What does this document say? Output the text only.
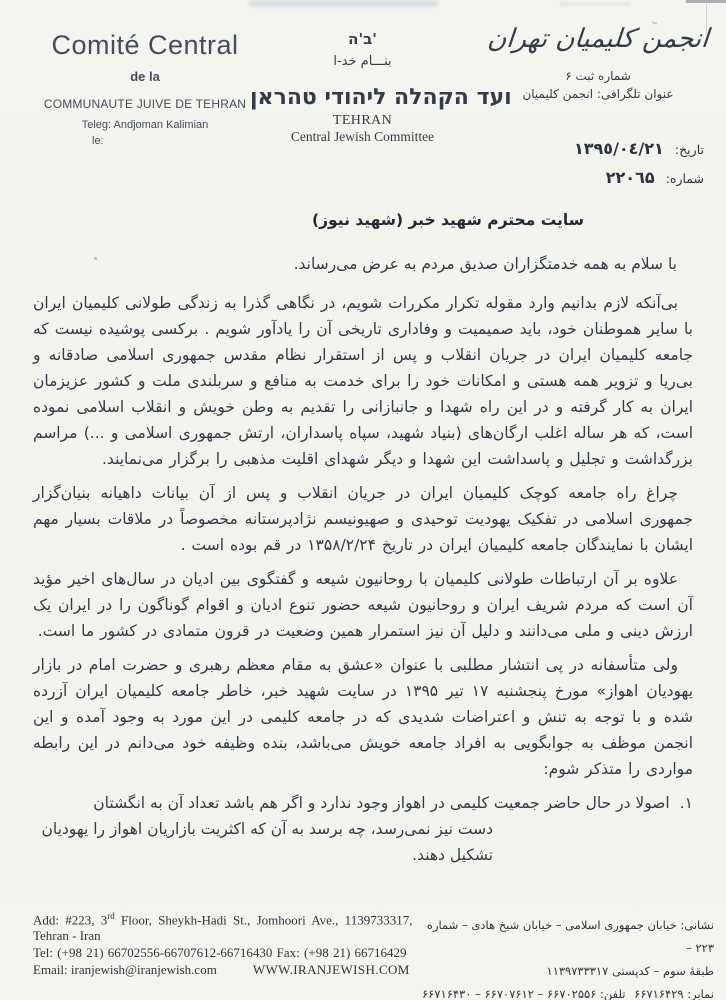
Comité Central
de la
COMMUNAUTE JUIVE DE TEHRAN
Teleg: Andjoman Kalimian
le:
ב'ה'
بنـــام خد-ا
ועד הקהלה ליהודי טהראן
TEHRAN
Central Jewish Committee
انجمن کلیمیان تهران
شماره ثبت ۶
عنوان تلگرافی: انجمن کلیمیان
تاریخ: ١٣٩٥/٠٤/٢١
شماره: ۲۲۰٦۵
سایت محترم شهید خبر (شهید نیوز)
با سلام به همه خدمتگزاران صدیق مردم به عرض می‌رساند.

بی‌آنکه لازم بدانیم وارد مقوله تکرار مکررات شویم، در نگاهی گذرا به زندگی طولانی کلیمیان ایران با سایر هموطنان خود، باید صمیمیت و وفاداری تاریخی آن را یادآور شویم . برکسی پوشیده نیست که جامعه کلیمیان ایران در جریان انقلاب و پس از استقرار نظام مقدس جمهوری اسلامی صادقانه و بی‌ریا و تزویر همه هستی و امکانات خود را برای خدمت به منافع و سربلندی ملت و کشور عزیزمان ایران به کار گرفته و در این راه شهدا و جانبازانی را تقدیم به وطن خویش و انقلاب اسلامی نموده است، که هر ساله اغلب ارگان‌های (بنیاد شهید، سپاه پاسداران، ارتش جمهوری اسلامی و ...) مراسم بزرگداشت و تجلیل و پاسداشت این شهدا و دیگر شهدای اقلیت مذهبی را برگزار می‌نمایند.

چراغ راه جامعه کوچک کلیمیان ایران در جریان انقلاب و پس از آن بیانات داهیانه بنیان‌گزار جمهوری اسلامی در تفکیک یهودیت توحیدی و صهیونیسم نژادپرستانه مخصوصاً در ملاقات بسیار مهم ایشان با نمایندگان جامعه کلیمیان ایران در تاریخ ۱۳۵۸/۲/۲۴ در قم بوده است .

علاوه بر آن ارتباطات طولانی کلیمیان با روحانیون شیعه و گفتگوی بین ادیان در سال‌های اخیر مؤید آن است که مردم شریف ایران و روحانیون شیعه حضور تنوع ادیان و اقوام گوناگون را در ایران یک ارزش دینی و ملی می‌دانند و دلیل آن نیز استمرار همین وضعیت در قرون متمادی در کشور ما است.

ولی متأسفانه در پی انتشار مطلبی با عنوان «عشق به مقام معظم رهبری و حضرت امام در بازار یهودیان اهواز» مورخ پنجشنبه ۱۷ تیر ۱۳۹۵ در سایت شهید خبر، خاطر جامعه کلیمیان ایران آزرده شده و با توجه به تنش و اعتراضات شدیدی که در جامعه کلیمی در این مورد به وجود آمده و این انجمن موظف به جوابگویی به افراد جامعه خویش می‌باشد، بنده وظیفه خود می‌دانم در این رابطه مواردی را متذکر شوم:

۱.
اصولا در حال حاضر جمعیت کلیمی در اهواز وجود ندارد و اگر هم باشد تعداد آن به انگشتان
دست نیز نمی‌رسد، چه برسد به آن که اکثریت بازاریان اهواز را یهودیان تشکیل دهند.
Add: #223, 3rd Floor, Sheykh-Hadi St., Jomhoori Ave., 1139733317,
Tehran - Iran
Tel: (+98 21) 66702556-66707612-66716430 Fax: (+98 21) 66716429
Email: iranjewish@iranjewish.com	WWW.IRANJEWISH.COM
نشانی: خیابان جمهوری اسلامی – خیابان شیخ هادی – شماره ۲۲۳ –
طبقۀ سوم – کدپستی ۱۱۳۹۷۳۳۳۱۷
تلفن: ۶۶۷۰۲۵۵۶ – ۶۶۷۰۷۶۱۲ – ۶۶۷۱۶۴۳۰ نمابر: ۶۶۷۱۶۴۲۹
